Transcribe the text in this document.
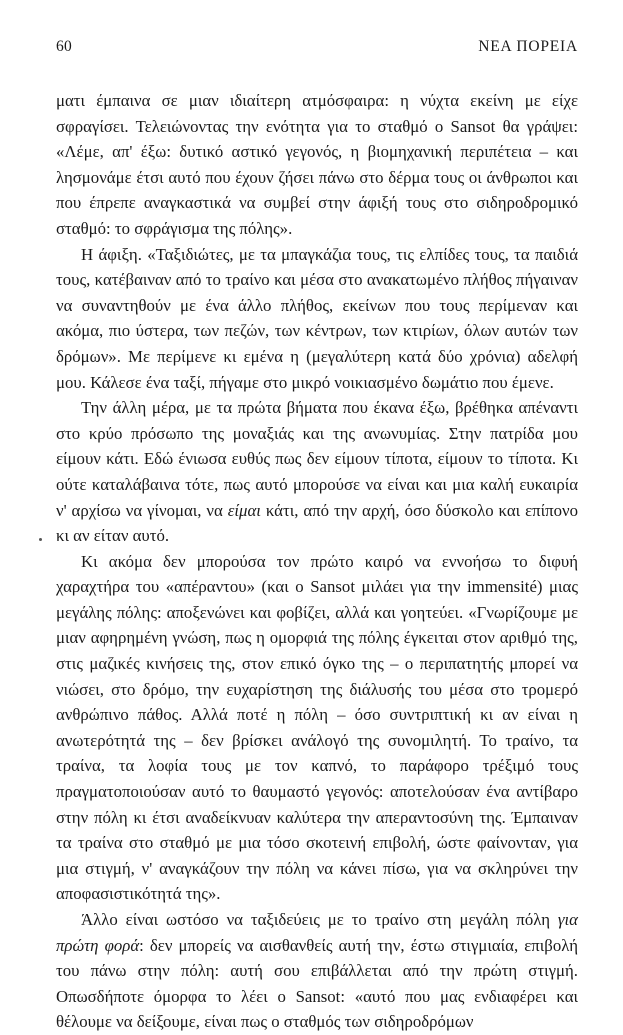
60	ΝΕΑ ΠΟΡΕΙΑ

ματι έμπαινα σε μιαν ιδιαίτερη ατμόσφαιρα: η νύχτα εκείνη με είχε σφραγίσει. Τελειώνοντας την ενότητα για το σταθμό ο Sansot θα γράψει: «Λέμε, απ' έξω: δυτικό αστικό γεγονός, η βιομηχανική περιπέτεια – και λησμονάμε έτσι αυτό που έχουν ζήσει πάνω στο δέρμα τους οι άνθρωποι και που έπρεπε αναγκαστικά να συμβεί στην άφιξή τους στο σιδηροδρομικό σταθμό: το σφράγισμα της πόλης».

Η άφιξη. «Ταξιδιώτες, με τα μπαγκάζια τους, τις ελπίδες τους, τα παιδιά τους, κατέβαιναν από το τραίνο και μέσα στο ανακατωμένο πλήθος πήγαιναν να συναντηθούν με ένα άλλο πλήθος, εκείνων που τους περίμεναν και ακόμα, πιο ύστερα, των πεζών, των κέντρων, των κτιρίων, όλων αυτών των δρόμων». Με περίμενε κι εμένα η (μεγαλύτερη κατά δύο χρόνια) αδελφή μου. Κάλεσε ένα ταξί, πήγαμε στο μικρό νοικιασμένο δωμάτιο που έμενε.

Την άλλη μέρα, με τα πρώτα βήματα που έκανα έξω, βρέθηκα απέναντι στο κρύο πρόσωπο της μοναξιάς και της ανωνυμίας. Στην πατρίδα μου είμουν κάτι. Εδώ ένιωσα ευθύς πως δεν είμουν τίποτα, είμουν το τίποτα. Κι ούτε καταλάβαινα τότε, πως αυτό μπορούσε να είναι και μια καλή ευκαιρία ν' αρχίσω να γίνομαι, να είμαι κάτι, από την αρχή, όσο δύσκολο και επίπονο κι αν είταν αυτό.

Κι ακόμα δεν μπορούσα τον πρώτο καιρό να εννοήσω το διφυή χαραχτήρα του «απέραντου» (και ο Sansot μιλάει για την immensité) μιας μεγάλης πόλης: αποξενώνει και φοβίζει, αλλά και γοητεύει. «Γνωρίζουμε με μιαν αφηρημένη γνώση, πως η ομορφιά της πόλης έγκειται στον αριθμό της, στις μαζικές κινήσεις της, στον επικό όγκο της – ο περιπατητής μπορεί να νιώσει, στο δρόμο, την ευχαρίστηση της διάλυσής του μέσα στο τρομερό ανθρώπινο πάθος. Αλλά ποτέ η πόλη – όσο συντριπτική κι αν είναι η ανωτερότητά της – δεν βρίσκει ανάλογό της συνομιλητή. Το τραίνο, τα τραίνα, τα λοφία τους με τον καπνό, το παράφορο τρέξιμό τους πραγματοποιούσαν αυτό το θαυμαστό γεγονός: αποτελούσαν ένα αντίβαρο στην πόλη κι έτσι αναδείκνυαν καλύτερα την απεραντοσύνη της. Έμπαιναν τα τραίνα στο σταθμό με μια τόσο σκοτεινή επιβολή, ώστε φαίνονταν, για μια στιγμή, ν' αναγκάζουν την πόλη να κάνει πίσω, για να σκληρύνει την αποφασιστικότητά της».

Άλλο είναι ωστόσο να ταξιδεύεις με το τραίνο στη μεγάλη πόλη για πρώτη φορά: δεν μπορείς να αισθανθείς αυτή την, έστω στιγμιαία, επιβολή του πάνω στην πόλη: αυτή σου επιβάλλεται από την πρώτη στιγμή. Οπωσδήποτε όμορφα το λέει ο Sansot: «αυτό που μας ενδιαφέρει και θέλουμε να δείξουμε, είναι πως ο σταθμός των σιδηροδρόμων
